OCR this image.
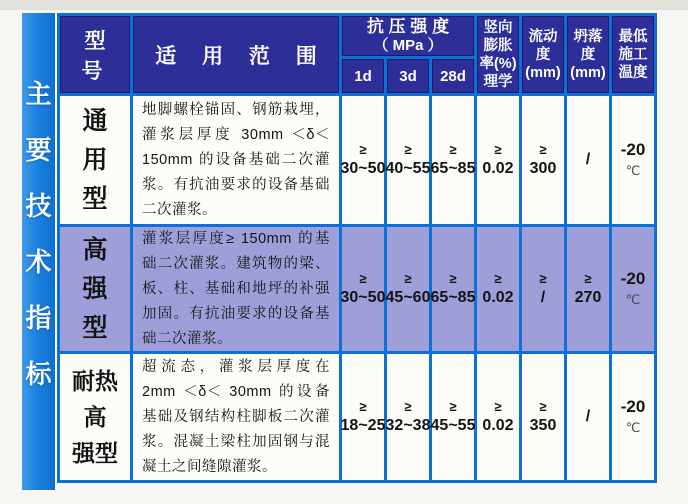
主
要
技
术
指
标
型 号
适 用 范 围
抗 压 强 度
（ MPa ）
竖向
膨胀
率(%)
理学
流动
度
(mm)
坍落
度
(mm)
最低
施工
温度
1d	3d	28d
通
用
型
地脚螺栓锚固、钢筋栽埋，灌浆层厚度 30mm ＜δ＜ 150mm 的设备基础二次灌浆。有抗油要求的设备基础二次灌浆。
≥
30~50
≥
40~55
≥
65~85
≥
0.02
≥
300 /
-20
℃
高
强
型
灌浆层厚度≥ 150mm 的基础二次灌浆。建筑物的梁、板、柱、基础和地坪的补强加固。有抗油要求的设备基础二次灌浆。
≥
30~50
≥
45~60
≥
65~85
≥
0.02
≥
/
≥
270
-20
℃
耐热
高
强型
超流态，灌浆层厚度在 2mm ＜δ＜ 30mm 的设备基础及钢结构柱脚板二次灌浆。混凝土梁柱加固钢与混凝土之间缝隙灌浆。
≥
18~25
≥
32~38
≥
45~55
≥
0.02
≥
350 /
-20
℃
